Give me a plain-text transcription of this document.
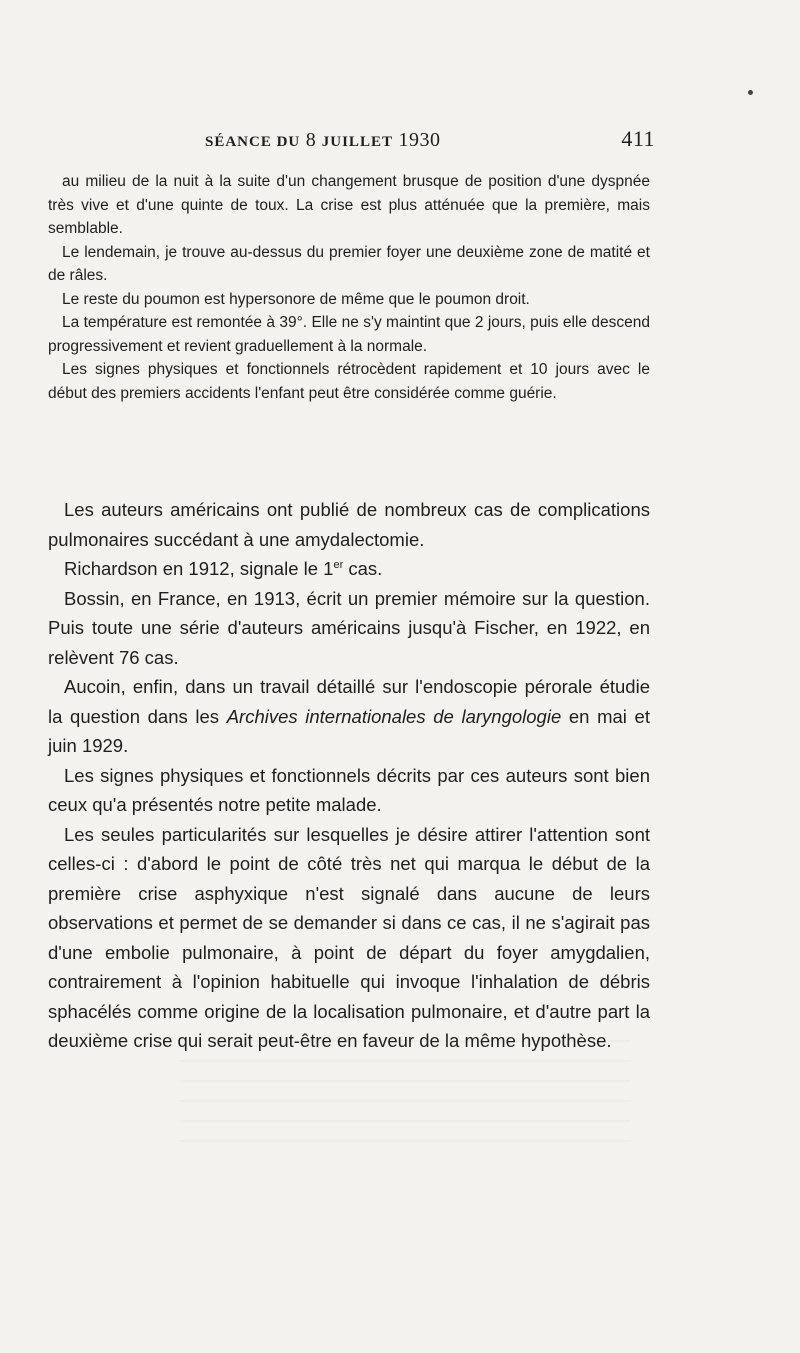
SÉANCE DU 8 JUILLET 1930	411

au milieu de la nuit à la suite d'un changement brusque de position d'une dyspnée très vive et d'une quinte de toux. La crise est plus atténuée que la première, mais semblable.

Le lendemain, je trouve au-dessus du premier foyer une deuxième zone de matité et de râles.

Le reste du poumon est hypersonore de même que le poumon droit.

La température est remontée à 39°. Elle ne s'y maintint que 2 jours, puis elle descend progressivement et revient graduellement à la normale.

Les signes physiques et fonctionnels rétrocèdent rapidement et 10 jours avec le début des premiers accidents l'enfant peut être considérée comme guérie.

Les auteurs américains ont publié de nombreux cas de complications pulmonaires succédant à une amydalectomie.

Richardson en 1912, signale le 1er cas.

Bossin, en France, en 1913, écrit un premier mémoire sur la question. Puis toute une série d'auteurs américains jusqu'à Fischer, en 1922, en relèvent 76 cas.

Aucoin, enfin, dans un travail détaillé sur l'endoscopie pérorale étudie la question dans les Archives internationales de laryngologie en mai et juin 1929.

Les signes physiques et fonctionnels décrits par ces auteurs sont bien ceux qu'a présentés notre petite malade.

Les seules particularités sur lesquelles je désire attirer l'attention sont celles-ci : d'abord le point de côté très net qui marqua le début de la première crise asphyxique n'est signalé dans aucune de leurs observations et permet de se demander si dans ce cas, il ne s'agirait pas d'une embolie pulmonaire, à point de départ du foyer amygdalien, contrairement à l'opinion habituelle qui invoque l'inhalation de débris sphacélés comme origine de la localisation pulmonaire, et d'autre part la deuxième crise qui serait peut-être en faveur de la même hypothèse.
